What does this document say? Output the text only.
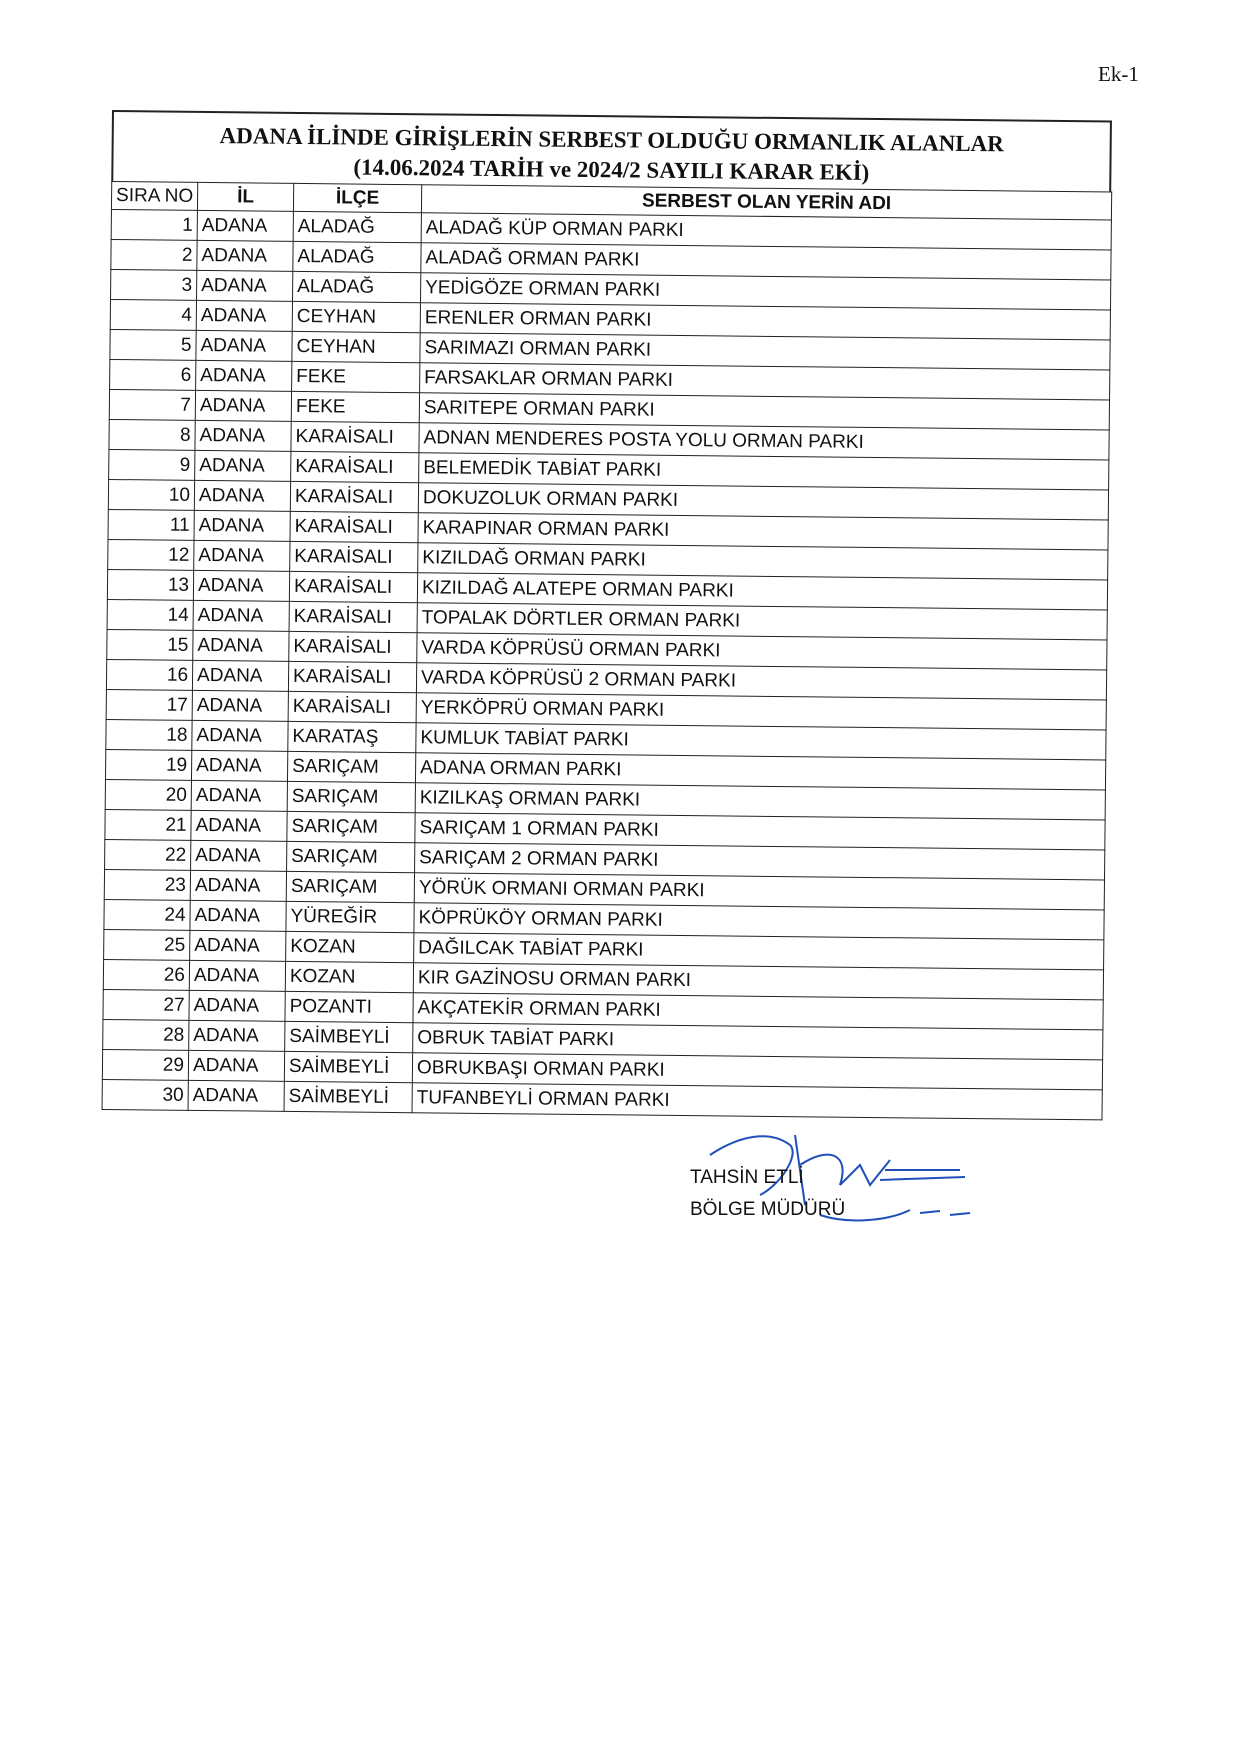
Ek-1
ADANA İLİNDE GİRİŞLERİN SERBEST OLDUĞU ORMANLIK ALANLAR
(14.06.2024 TARİH ve 2024/2 SAYILI KARAR EKİ)
SIRA NO	İL	İLÇE	SERBEST OLAN YERİN ADI
1	ADANA	ALADAĞ	ALADAĞ KÜP ORMAN PARKI
2	ADANA	ALADAĞ	ALADAĞ ORMAN PARKI
3	ADANA	ALADAĞ	YEDİGÖZE ORMAN PARKI
4	ADANA	CEYHAN	ERENLER ORMAN PARKI
5	ADANA	CEYHAN	SARIMAZI ORMAN PARKI
6	ADANA	FEKE	FARSAKLAR ORMAN PARKI
7	ADANA	FEKE	SARITEPE ORMAN PARKI
8	ADANA	KARAİSALI	ADNAN MENDERES POSTA YOLU ORMAN PARKI
9	ADANA	KARAİSALI	BELEMEDİK TABİAT PARKI
10	ADANA	KARAİSALI	DOKUZOLUK ORMAN PARKI
11	ADANA	KARAİSALI	KARAPINAR ORMAN PARKI
12	ADANA	KARAİSALI	KIZILDAĞ ORMAN PARKI
13	ADANA	KARAİSALI	KIZILDAĞ ALATEPE ORMAN PARKI
14	ADANA	KARAİSALI	TOPALAK DÖRTLER ORMAN PARKI
15	ADANA	KARAİSALI	VARDA KÖPRÜSÜ ORMAN PARKI
16	ADANA	KARAİSALI	VARDA KÖPRÜSÜ 2 ORMAN PARKI
17	ADANA	KARAİSALI	YERKÖPRÜ ORMAN PARKI
18	ADANA	KARATAŞ	KUMLUK TABİAT PARKI
19	ADANA	SARIÇAM	ADANA ORMAN PARKI
20	ADANA	SARIÇAM	KIZILKAŞ ORMAN PARKI
21	ADANA	SARIÇAM	SARIÇAM 1 ORMAN PARKI
22	ADANA	SARIÇAM	SARIÇAM 2 ORMAN PARKI
23	ADANA	SARIÇAM	YÖRÜK ORMANI ORMAN PARKI
24	ADANA	YÜREĞİR	KÖPRÜKÖY ORMAN PARKI
25	ADANA	KOZAN	DAĞILCAK TABİAT PARKI
26	ADANA	KOZAN	KIR GAZİNOSU ORMAN PARKI
27	ADANA	POZANTI	AKÇATEKİR ORMAN PARKI
28	ADANA	SAİMBEYLİ	OBRUK TABİAT PARKI
29	ADANA	SAİMBEYLİ	OBRUKBAŞI ORMAN PARKI
30	ADANA	SAİMBEYLİ	TUFANBEYLİ ORMAN PARKI
TAHSİN ETLİ
BÖLGE MÜDÜRÜ
